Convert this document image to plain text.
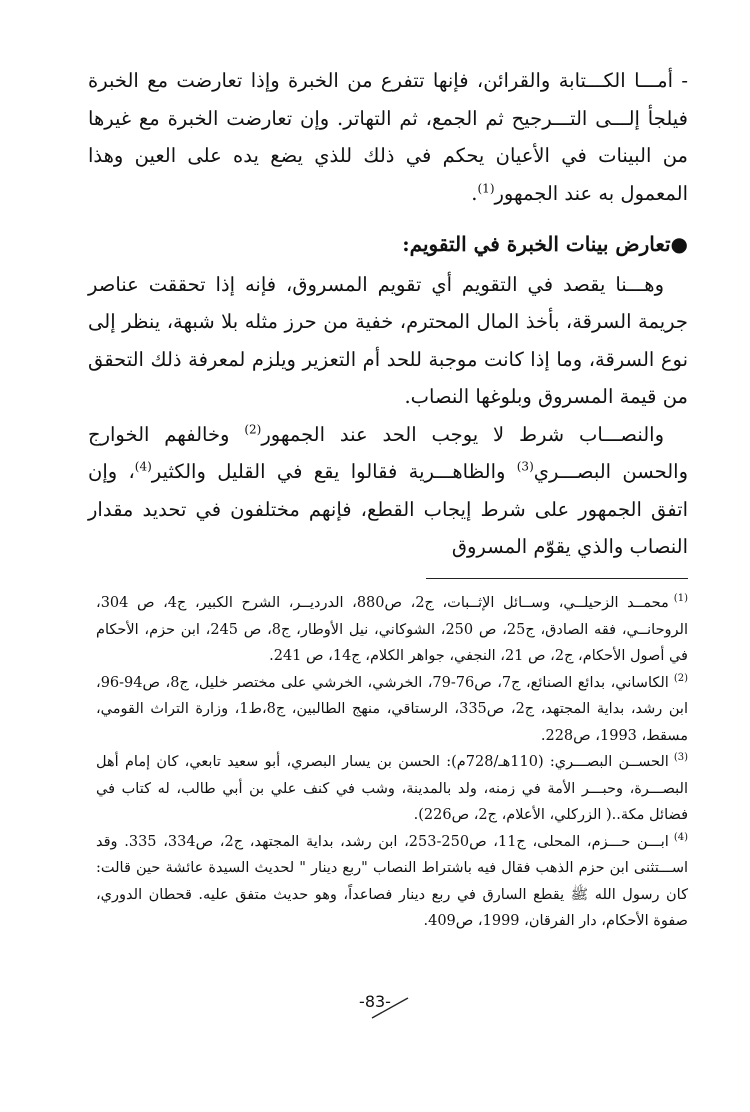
- أمـــا الكـــتابة والقرائن، فإنها تتفرع من الخبرة وإذا تعارضت مع الخبرة فيلجأ إلـــى التـــرجيح ثم الجمع، ثم التهاتر. وإن تعارضت الخبرة مع غيرها من البينات في الأعيان يحكم في ذلك للذي يضع يده على العين وهذا المعمول به عند الجمهور$^{(1)}$.

●تعارض بينات الخبرة في التقويم:

وهـــنا يقصد في التقويم أي تقويم المسروق، فإنه إذا تحققت عناصر جريمة السرقة، بأخذ المال المحترم، خفية من حرز مثله بلا شبهة، ينظر إلى نوع السرقة، وما إذا كانت موجبة للحد أم التعزير ويلزم لمعرفة ذلك التحقق من قيمة المسروق وبلوغها النصاب.

والنصـــاب شرط لا يوجب الحد عند الجمهور$^{(2)}$ وخالفهم الخوارج والحسن البصـــري$^{(3)}$ والظاهـــرية فقالوا يقع في القليل والكثير$^{(4)}$، وإن اتفق الجمهور على شرط إيجاب القطع، فإنهم مختلفون في تحديد مقدار النصاب والذي يقوّم المسروق

$^{(1)}$محمــد الزحيلــي، وســائل الإثــبات، ج2، ص880، الدرديــر، الشرح الكبير، ج4، ص 304، الروحانــي، فقه الصادق، ج25، ص 250، الشوكاني، نيل الأوطار، ج8، ص 245، ابن حزم، الأحكام في أصول الأحكام، ج2، ص 21، النجفي، جواهر الكلام، ج14، ص 241.

$^{(2)}$الكاساني، بدائع الصنائع، ج7، ص76-79، الخرشي، الخرشي على مختصر خليل، ج8، ص94-96، ابن رشد، بداية المجتهد، ج2، ص335، الرستاقي، منهج الطالبين، ج8،ط1، وزارة التراث القومي، مسقط، 1993، ص228.

$^{(3)}$الحســن البصـــري: (110هـ/728م): الحسن بن يسار البصري، أبو سعيد تابعي، كان إمام أهل البصـــرة، وحبـــر الأمة في زمنه، ولد بالمدينة، وشب في كنف علي بن أبي طالب، له كتاب في فضائل مكة..( الزركلي، الأعلام، ج2، ص226).

$^{(4)}$ابـــن حـــزم، المحلى، ج11، ص250-253، ابن رشد، بداية المجتهد، ج2، ص334، 335. وقد اســـتثنى ابن حزم الذهب فقال فيه باشتراط النصاب "ربع دينار " لحديث السيدة عائشة حين قالت: كان رسول الله ﷺ يقطع السارق في ربع دينار فصاعداً، وهو حديث متفق عليه. قحطان الدوري، صفوة الأحكام، دار الفرقان، 1999، ص409.

-83-
